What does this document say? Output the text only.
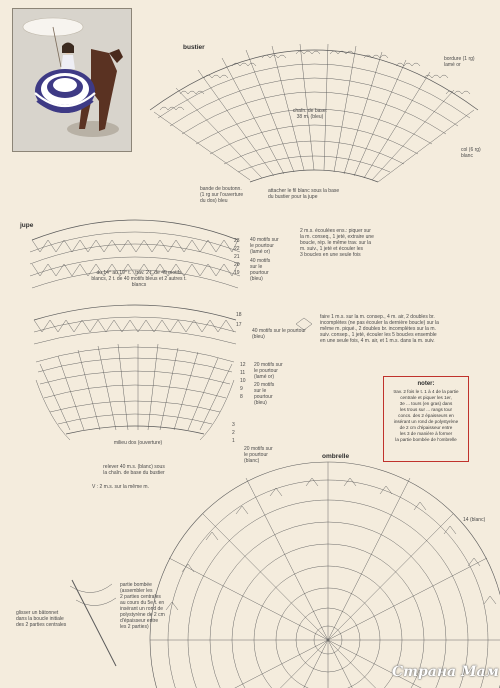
bustier
bordure (1 rg)
lamé or
chaîn. de base:
38 m. (bleu)
col (6 rg)
blanc
bande de boutonn.
(1 rg sur l'ouverture
du dos) bleu
attacher le fil blanc sous la base
du bustier pour la jupe
jupe
23
22
21
20
19
40 motifs sur
le pourtour
(lamé or)
40 motifs
sur le
pourtour
(bleu)
du 14° au 19° t. : trav. 2 t. de 40 motifs
blancs, 2 t. de 40 motifs bleus et 2 autres t. blancs
18
17
40 motifs sur le pourtour
(bleu)
12
11
10
9
8
20 motifs sur
le pourtour
(lamé or)
20 motifs
sur le
pourtour
(bleu)
3
2
1
20 motifs sur
le pourtour
(blanc)
milieu dos (ouverture)
relever 40 m.s. (blanc) sous
la chaîn. de base du bustier
V : 2 m.s. sur la même m.
2 m.s. écoulées ens.: piquer sur
la m. conseq., 1 jeté, extraire une
boucle, rép. le même trav. sur la
m. suiv., 1 jeté et écouler les
3 boucles en une seule fois
faire 1 m.s. sur la m. consep., 4 m. air, 2 doubles br.
incomplètes (ne pas écouler la dernière boucle) sur la
même m. piqué., 2 doubles br. incomplètes sur la m.
suiv. consep., 1 jeté, écouler les 5 boucles ensemble
en une seule fois, 4 m. air, et 1 m.s. dans la m. suiv.
noter:
trav. 2 fois le t. 1 à 4 de la partie
centrale et piquer les 1er,
3e ... tours (en gras) dans
les trous sur ... rangs tour
concs. des 2 épaisseurs en
insérant un rond de polystyrène
de 2 cm d'épaisseur entre
les 3 de manière à former
la partie bombée de l'ombrelle
ombrelle
14 (blanc)
partie bombée
(assembler les
2 parties centrales
au cours du 5e t. en
insérant un rond de
polystyrène de 2 cm
d'épaisseur entre
les 2 parties)
glisser un bâtonnet
dans la boucle initiale
des 2 parties centrales
Страна Мам
